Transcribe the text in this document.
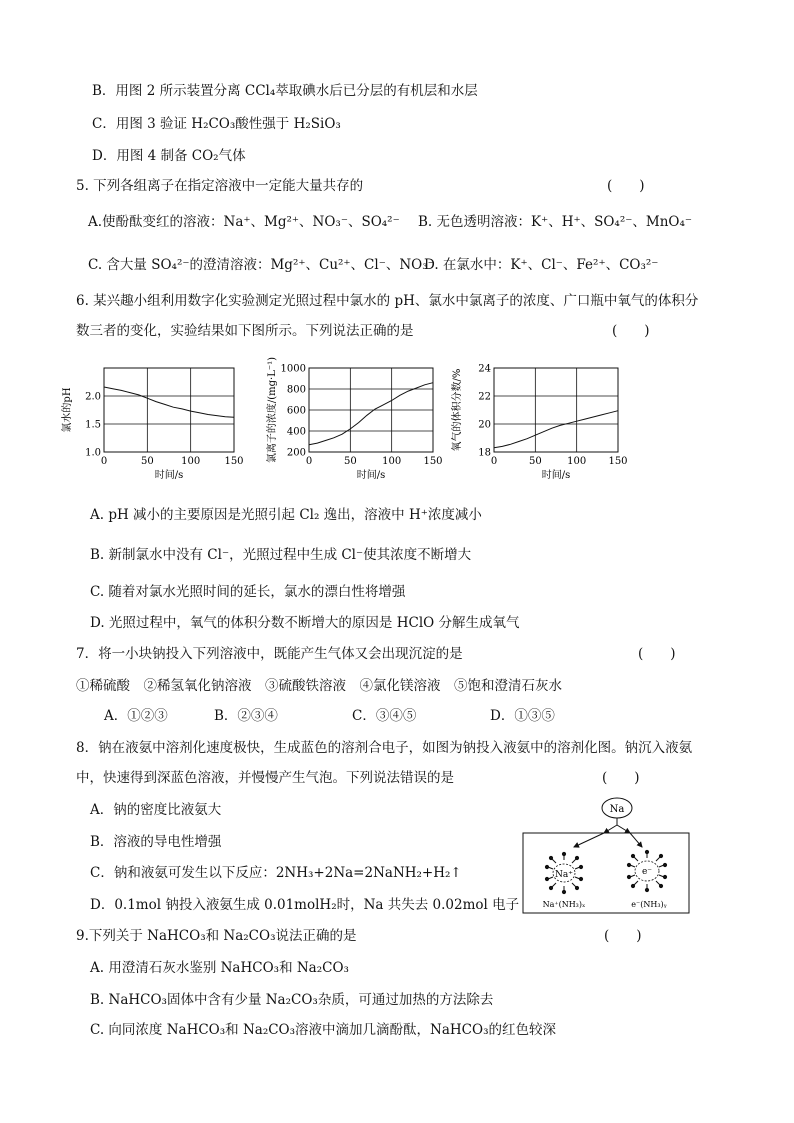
B．用图 2 所示装置分离 CCl₄萃取碘水后已分层的有机层和水层
C．用图 3 验证 H₂CO₃酸性强于 H₂SiO₃
D．用图 4 制备 CO₂气体
5. 下列各组离子在指定溶液中一定能大量共存的	(　　)
A.使酚酞变红的溶液：Na⁺、Mg²⁺、NO₃⁻、SO₄²⁻ B. 无色透明溶液：K⁺、H⁺、SO₄²⁻、MnO₄⁻
C. 含大量 SO₄²⁻的澄清溶液：Mg²⁺、Cu²⁺、Cl⁻、NO₃⁻
D. 在氯水中：K⁺、Cl⁻、Fe²⁺、CO₃²⁻
6. 某兴趣小组利用数字化实验测定光照过程中氯水的 pH、氯水中氯离子的浓度、广口瓶中氧气的体积分
数三者的变化，实验结果如下图所示。下列说法正确的是	(　　)
0	50	100 150
1.0
1.5
2.0
时间/s
氯水的pH
0	50	100 150
200
400
600
800
1000
时间/s
氯离子的浓度/(mg·L⁻¹)	0	50	100 150
18
20
22
24
时间/s
氧气的体积分数/%
A. pH 减小的主要原因是光照引起 Cl₂ 逸出，溶液中 H⁺浓度减小
B. 新制氯水中没有 Cl⁻，光照过程中生成 Cl⁻使其浓度不断增大
C. 随着对氯水光照时间的延长，氯水的漂白性将增强
D. 光照过程中，氧气的体积分数不断增大的原因是 HClO 分解生成氧气
7．将一小块钠投入下列溶液中，既能产生气体又会出现沉淀的是	(　　)
①稀硫酸　②稀氢氧化钠溶液　③硫酸铁溶液　④氯化镁溶液　⑤饱和澄清石灰水
A．①②③	B．②③④	C．③④⑤	D．①③⑤
8．钠在液氨中溶剂化速度极快，生成蓝色的溶剂合电子，如图为钠投入液氨中的溶剂化图。钠沉入液氨
中，快速得到深蓝色溶液，并慢慢产生气泡。下列说法错误的是	(　　)
A．钠的密度比液氨大
B．溶液的导电性增强
C．钠和液氨可发生以下反应：2NH₃+2Na=2NaNH₂+H₂↑
D．0.1mol 钠投入液氨生成 0.01molH₂时，Na 共失去 0.02mol 电子
Na
Na⁺	e⁻
Na⁺(NH₃)ₓ	e⁻(NH₃)ᵧ
9.下列关于 NaHCO₃和 Na₂CO₃说法正确的是	(　　)
A. 用澄清石灰水鉴别 NaHCO₃和 Na₂CO₃
B. NaHCO₃固体中含有少量 Na₂CO₃杂质，可通过加热的方法除去
C. 向同浓度 NaHCO₃和 Na₂CO₃溶液中滴加几滴酚酞，NaHCO₃的红色较深
